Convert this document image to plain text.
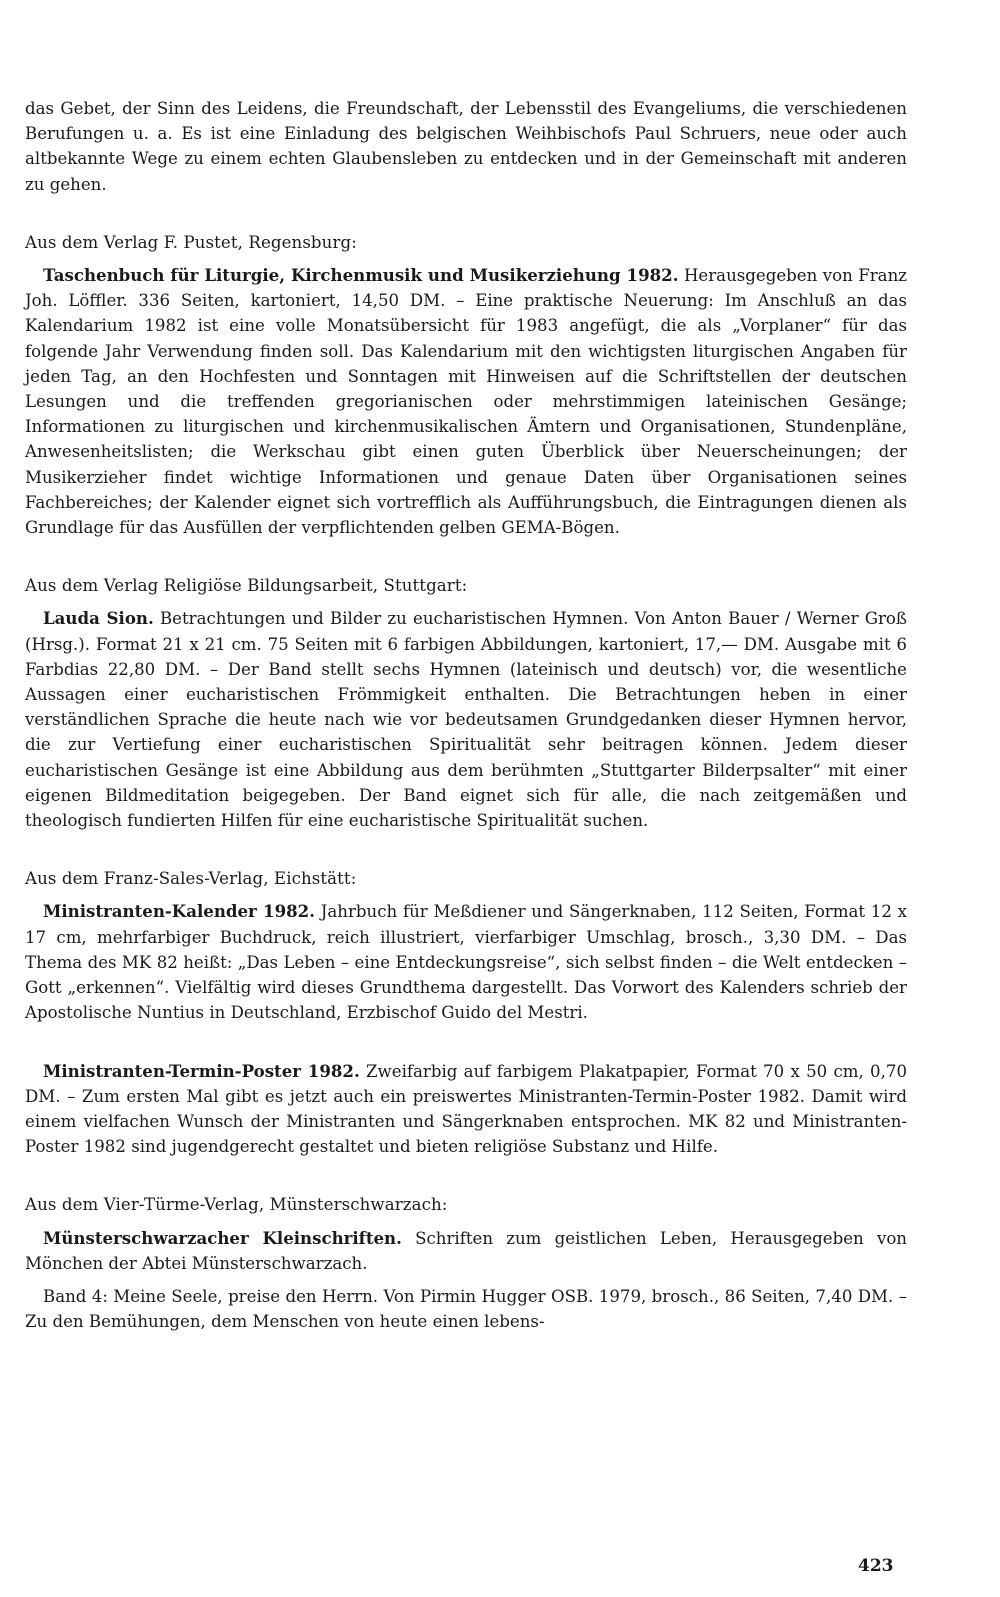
das Gebet, der Sinn des Leidens, die Freundschaft, der Lebensstil des Evangeliums, die verschiedenen Berufungen u. a. Es ist eine Einladung des belgischen Weihbischofs Paul Schruers, neue oder auch altbekannte Wege zu einem echten Glaubensleben zu entdecken und in der Gemeinschaft mit anderen zu gehen.

Aus dem Verlag F. Pustet, Regensburg:

Taschenbuch für Liturgie, Kirchenmusik und Musikerziehung 1982. Herausgegeben von Franz Joh. Löffler. 336 Seiten, kartoniert, 14,50 DM. – Eine praktische Neuerung: Im Anschluß an das Kalendarium 1982 ist eine volle Monatsübersicht für 1983 angefügt, die als „Vorplaner“ für das folgende Jahr Verwendung finden soll. Das Kalendarium mit den wichtigsten liturgischen Angaben für jeden Tag, an den Hochfesten und Sonntagen mit Hinweisen auf die Schriftstellen der deutschen Lesungen und die treffenden gregorianischen oder mehrstimmigen lateinischen Gesänge; Informationen zu liturgischen und kirchenmusikalischen Ämtern und Organisationen, Stundenpläne, Anwesenheitslisten; die Werkschau gibt einen guten Überblick über Neuerscheinungen; der Musikerzieher findet wichtige Informationen und genaue Daten über Organisationen seines Fachbereiches; der Kalender eignet sich vortrefflich als Aufführungsbuch, die Eintragungen dienen als Grundlage für das Ausfüllen der verpflichtenden gelben GEMA-Bögen.

Aus dem Verlag Religiöse Bildungsarbeit, Stuttgart:

Lauda Sion. Betrachtungen und Bilder zu eucharistischen Hymnen. Von Anton Bauer / Werner Groß (Hrsg.). Format 21 x 21 cm. 75 Seiten mit 6 farbigen Abbildungen, kartoniert, 17,— DM. Ausgabe mit 6 Farbdias 22,80 DM. – Der Band stellt sechs Hymnen (lateinisch und deutsch) vor, die wesentliche Aussagen einer eucharistischen Frömmigkeit enthalten. Die Betrachtungen heben in einer verständlichen Sprache die heute nach wie vor bedeutsamen Grundgedanken dieser Hymnen hervor, die zur Vertiefung einer eucharistischen Spiritualität sehr beitragen können. Jedem dieser eucharistischen Gesänge ist eine Abbildung aus dem berühmten „Stuttgarter Bilderpsalter“ mit einer eigenen Bildmeditation beigegeben. Der Band eignet sich für alle, die nach zeitgemäßen und theologisch fundierten Hilfen für eine eucharistische Spiritualität suchen.

Aus dem Franz-Sales-Verlag, Eichstätt:

Ministranten-Kalender 1982. Jahrbuch für Meßdiener und Sängerknaben, 112 Seiten, Format 12 x 17 cm, mehrfarbiger Buchdruck, reich illustriert, vierfarbiger Umschlag, brosch., 3,30 DM. – Das Thema des MK 82 heißt: „Das Leben – eine Entdeckungsreise“, sich selbst finden – die Welt entdecken – Gott „erkennen“. Vielfältig wird dieses Grundthema dargestellt. Das Vorwort des Kalenders schrieb der Apostolische Nuntius in Deutschland, Erzbischof Guido del Mestri.

Ministranten-Termin-Poster 1982. Zweifarbig auf farbigem Plakatpapier, Format 70 x 50 cm, 0,70 DM. – Zum ersten Mal gibt es jetzt auch ein preiswertes Ministranten-Termin-Poster 1982. Damit wird einem vielfachen Wunsch der Ministranten und Sängerknaben entsprochen. MK 82 und Ministranten-Poster 1982 sind jugendgerecht gestaltet und bieten religiöse Substanz und Hilfe.

Aus dem Vier-Türme-Verlag, Münsterschwarzach:

Münsterschwarzacher Kleinschriften. Schriften zum geistlichen Leben, Herausgegeben von Mönchen der Abtei Münsterschwarzach.

Band 4: Meine Seele, preise den Herrn. Von Pirmin Hugger OSB. 1979, brosch., 86 Seiten, 7,40 DM. – Zu den Bemühungen, dem Menschen von heute einen lebens-

423
